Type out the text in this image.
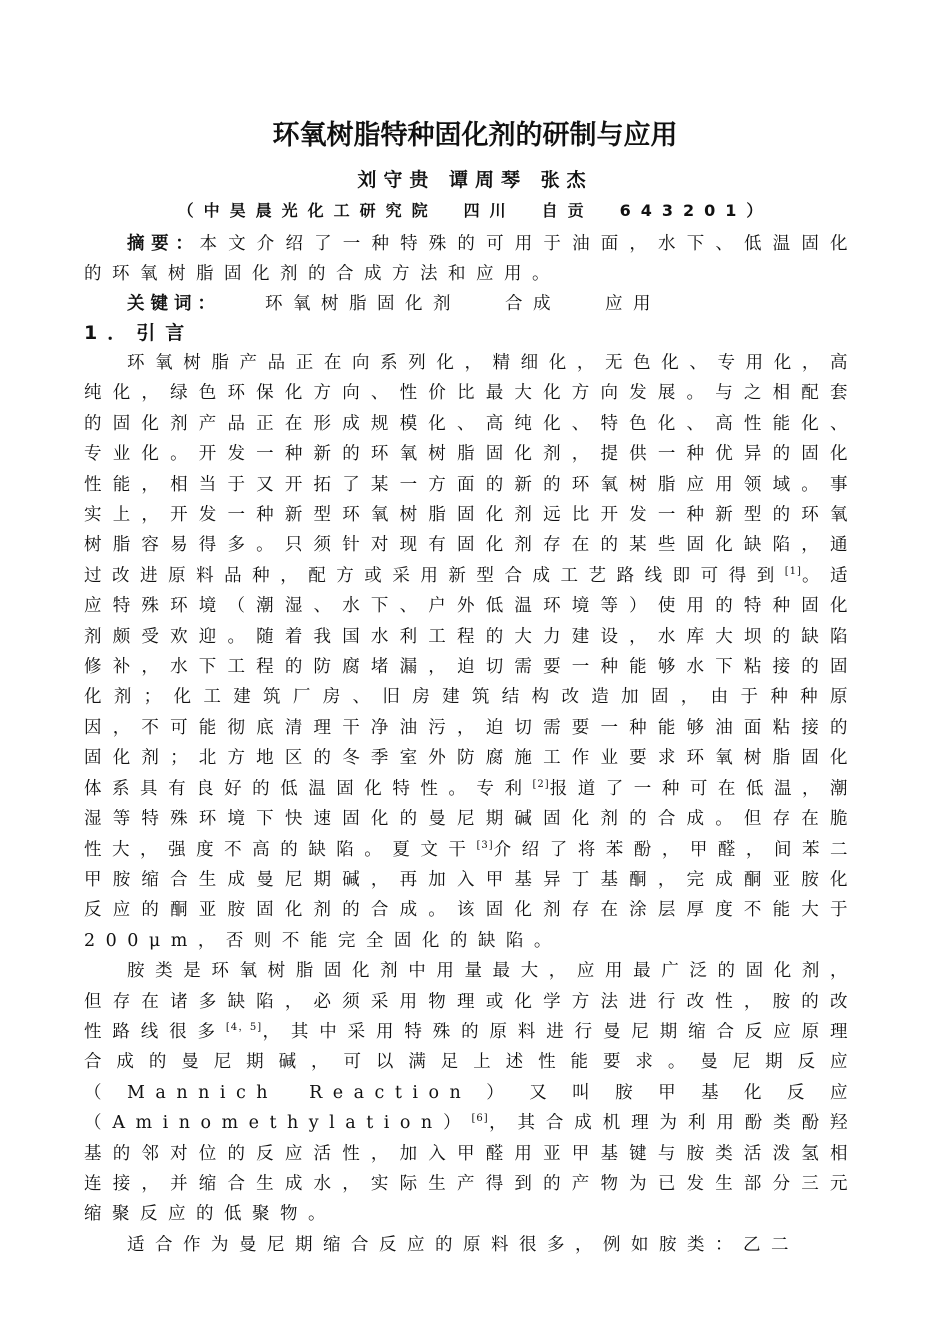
环氧树脂特种固化剂的研制与应用
刘守贵 谭周琴 张杰
（中昊晨光化工研究院　四川　自贡　643201）
摘要：本文介绍了一种特殊的可用于油面，水下、低温固化的环氧树脂固化剂的合成方法和应用。
关键词：	环氧树脂固化剂	合成	应用
1．引言

环氧树脂产品正在向系列化，精细化，无色化、专用化，高纯化，绿色环保化方向、性价比最大化方向发展。与之相配套的固化剂产品正在形成规模化、高纯化、特色化、高性能化、专业化。开发一种新的环氧树脂固化剂，提供一种优异的固化性能，相当于又开拓了某一方面的新的环氧树脂应用领域。事实上，开发一种新型环氧树脂固化剂远比开发一种新型的环氧树脂容易得多。只须针对现有固化剂存在的某些固化缺陷，通过改进原料品种，配方或采用新型合成工艺路线即可得到[1]。适应特殊环境（潮湿、水下、户外低温环境等）使用的特种固化剂颇受欢迎。随着我国水利工程的大力建设，水库大坝的缺陷修补，水下工程的防腐堵漏，迫切需要一种能够水下粘接的固化剂；化工建筑厂房、旧房建筑结构改造加固，由于种种原因，不可能彻底清理干净油污，迫切需要一种能够油面粘接的固化剂；北方地区的冬季室外防腐施工作业要求环氧树脂固化体系具有良好的低温固化特性。专利[2]报道了一种可在低温，潮湿等特殊环境下快速固化的曼尼期碱固化剂的合成。但存在脆性大，强度不高的缺陷。夏文干[3]介绍了将苯酚，甲醛，间苯二甲胺缩合生成曼尼期碱，再加入甲基异丁基酮，完成酮亚胺化反应的酮亚胺固化剂的合成。该固化剂存在涂层厚度不能大于200μm，否则不能完全固化的缺陷。

胺类是环氧树脂固化剂中用量最大，应用最广泛的固化剂，但存在诸多缺陷，必须采用物理或化学方法进行改性，胺的改性路线很多[4，5]，其中采用特殊的原料进行曼尼期缩合反应原理合成的曼尼期碱，可以满足上述性能要求。曼尼期反应（Mannich Reaction）又叫胺甲基化反应（Aminomethylation）[6]，其合成机理为利用酚类酚羟基的邻对位的反应活性，加入甲醛用亚甲基键与胺类活泼氢相连接，并缩合生成水，实际生产得到的产物为已发生部分三元缩聚反应的低聚物。

适合作为曼尼期缩合反应的原料很多，例如胺类：乙二
